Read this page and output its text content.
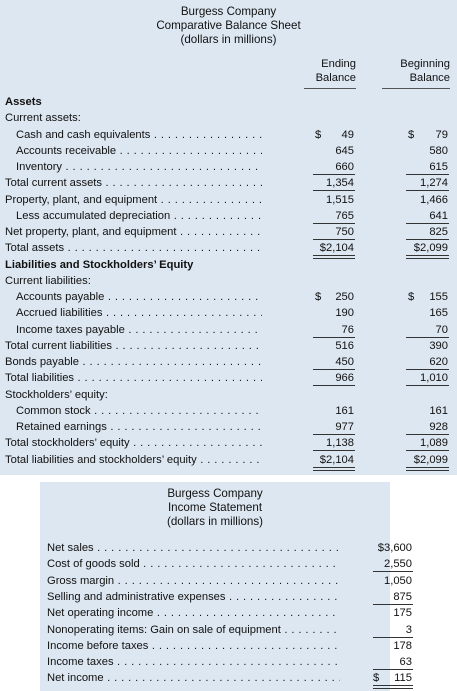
Burgess Company
Comparative Balance Sheet
(dollars in millions)
Ending
Balance
Beginning
Balance
Assets
Current assets:
Cash and cash equivalents . . .	49	79
$	$
Accounts receivable . . .	645	580
Inventory . . .	660	615
Total current assets . . .	1,354	1,274
Property, plant, and equipment . . .	1,515	1,466
Less accumulated depreciation . . .	765	641
Net property, plant, and equipment . . .	750	825
Total assets . . .	$2,104	$2,099
Liabilities and Stockholders’ Equity
Current liabilities:
Accounts payable . . .	250	155
$	$
Accrued liabilities . . .	190	165
Income taxes payable . . .	76	70
Total current liabilities . . .	516	390
Bonds payable . . .	450	620
Total liabilities . . .	966	1,010
Stockholders’ equity:
Common stock . . .	161	161
Retained earnings . . .	977	928
Total stockholders’ equity . . .	1,138	1,089
Total liabilities and stockholders’ equity . . .	$2,104	$2,099
Burgess Company
Income Statement
(dollars in millions)
Net sales . . .	$3,600
Cost of goods sold . . .	2,550
Gross margin . . .	1,050
Selling and administrative expenses . . .	875
Net operating income . . .	175
Nonoperating items: Gain on sale of equipment . . .	3
Income before taxes . . .	178
Income taxes . . .	63
Net income . . .	115
$
